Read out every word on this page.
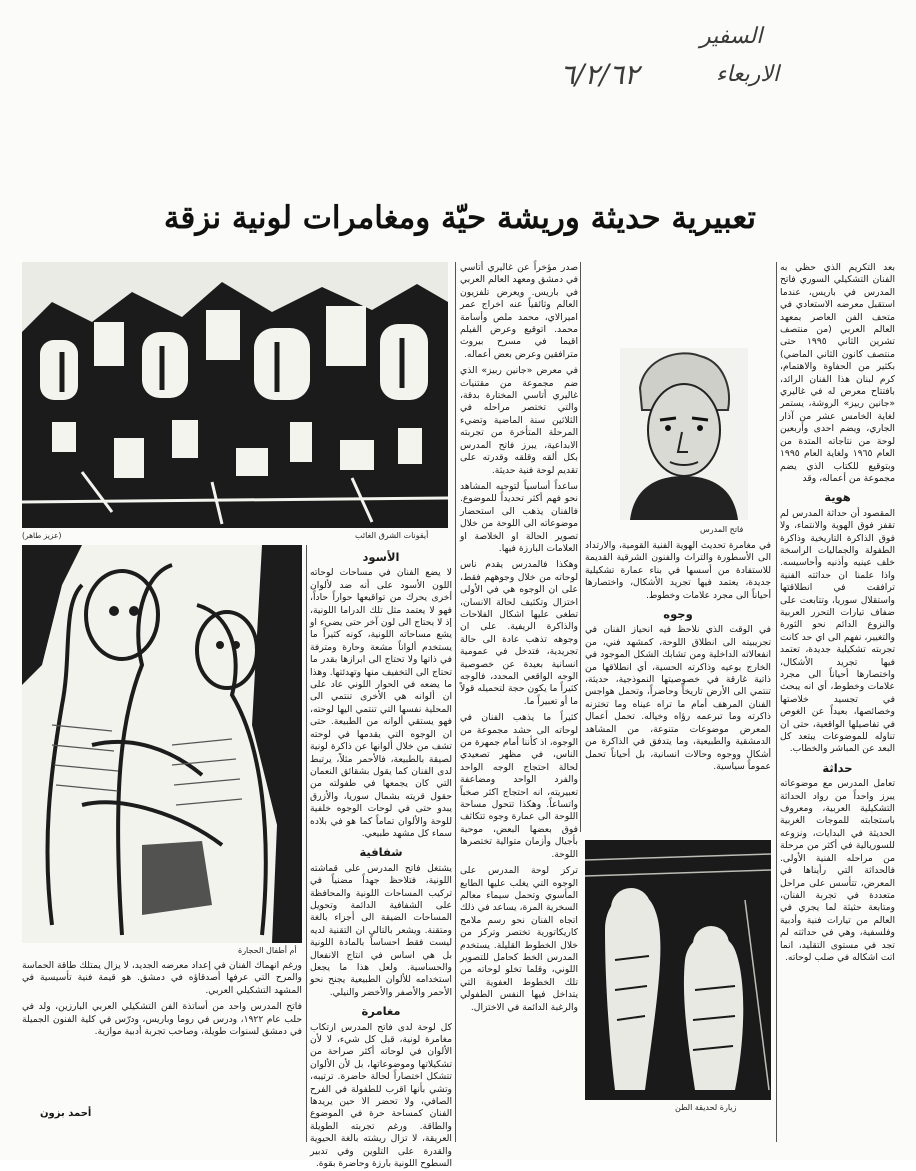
السفير
الاربعاء
٦/٢/٦٢
تعبيرية حديثة وريشة حيّة ومغامرات لونية نزقة
(عزيز طاهر)	أيقونات الشرق الغائب
أم أطفال الحجارة
فاتح المدرس
زيارة لحديقة الطن

بعد التكريم الذي حظي به الفنان التشكيلي السوري فاتح المدرس في باريس، عندما استقبل معرضه الاستعادي في متحف الفن العاصر بمعهد العالم العربي (من منتصف تشرين الثاني ١٩٩٥ حتى منتصف كانون الثاني الماضي) بكثير من الحفاوة والاهتمام، كرم لبنان هذا الفنان الرائد، بافتتاح معرض له في غاليري «جانين ربيز» الروشة، يستمر لغاية الخامس عشر من آذار الجاري، ويضم احدى وأربعين لوحة من نتاجاته المتدة من العام ١٩٦٥ ولغاية العام ١٩٩٥ وبتوقيع للكتاب الذي يضم مجموعة من أعماله، وقد

هوية

المقصود أن حداثة المدرس لم تقفز فوق الهوية والانتماء، ولا فوق الذاكرة التاريخية وذاكرة الطفولة والجماليات الراسخة خلف عينيه وأذنيه وأحاسيسه. واذا علمنا ان حداثته الفنية ترافقت في انطلاقتها واستقلال سوريا، وتتابعت على ضفاف تيارات التحرر العربية والنزوع الدائم نحو الثورة والتغيير، نفهم الى اي حد كانت تجربته تشكيلية جديدة، تعتمد فيها تجريد الأشكال، واختصارها أحياناً الى مجرد علامات وخطوط، أي انه يبحث في تجسيد خلاصتها وخصائصها، بعيداً عن الغوص في تفاصيلها الواقعية، حتى ان تناوله للموضوعات يبتعد كل البعد عن المباشر والخطاب.

حداثة

تعامل المدرس مع موضوعاته يبرز واحداً من رواد الحداثة التشكيلية العربية، ومعروف باستجابته للموجات الغربية الحديثة في البدايات، ونزوعه للسوريالية في أكثر من مرحلة من مراحله الفنية الأولى. فالحداثة التي رأيناها في المعرض، تتأسس على مراحل متعددة في تجربة الفنان، ومتابعة حثيثة لما يجري في العالم من تيارات فنية وأدبية وفلسفية، وهي في حداثته لم تجد في مستوى التقليد، انما اتت اشكاله في صلب لوحاته.

في مغامرة تحديث الهوية الفنية القومية، والارتداد الى الأسطورة والتراث والفنون الشرقية القديمة للاستفادة من أسسها في بناء عمارة تشكيلية جديدة، يعتمد فيها تجريد الأشكال، واختصارها أحياناً الى مجرد علامات وخطوط.

وجوه

في الوقت الذي نلاحظ فيه انحياز الفنان في تجريبيته الى انطلاق اللوحة، كمشهد فني، من انفعالاته الداخلية ومن تشابك الشكل الموجود في الخارج بوعيه وذاكرته الحسية، أي انطلاقها من ذاتية غارقة في خصوصيتها النموذجية، حديثة، تنتمي الى الأرض تاريخاً وحاضراً، وتحمل هواجس الفنان المرهف أمام ما تراه عيناه وما تختزنه ذاكرته وما تبرعمه رؤاه وخياله. تحمل أعمال المعرض موضوعات متنوعة، من المشاهد الدمشقية والطبيعية، وما يتدفق في الذاكرة من أشكال ووجوه وحالات انسانية، بل أحياناً تحمل عموماً سياسية.

صدر مؤخراً عن غاليري أتاسي في دمشق ومعهد العالم العربي في باريس. ويعرض تلفزيون العالم وثائقياً عنه اخراج عمر اميرالاي، محمد ملص وأسامة محمد. اتوقيع وعرض الفيلم اقيما في مسرح بيروت مترافقين وعرض بعض أعماله.

في معرض «جانين ربيز» الذي ضم مجموعة من مقتنيات غاليري أتاسي المختارة بدقة، والتي تختصر مراحله في الثلاثين سنة الماضية وتضيء المرحلة المتأخرة من تجربته الابداعية، يبرز فاتح المدرس بكل ألقه وقلقه وقدرته على تقديم لوحة فنية حديثة.

ساعداً أساسياً لتوجيه المشاهد نحو فهم أكثر تحديداً للموضوع. فالفنان يذهب الى استحضار موضوعاته الى اللوحة من خلال تصوير الحالة او الخلاصة او العلامات البارزة فيها.

وهكذا فالمدرس يقدم ناس لوحاته من خلال وجوههم فقط، على ان الوجوه هي في الأولى اختزال وتكثيف لحالة الانسان، تطغى عليها اشكال الفلاحات والذاكرة الريفية. على ان وجوهه تذهب عادة الى حالة تجريدية، فتدخل في عمومية انسانية بعيدة عن خصوصية الوجه الواقعي المحدد، فالوجه كثيراً ما يكون حجة لتحميله قولاً ما أو تعبيراً ما.

كثيراً ما يذهب الفنان في لوحاته الى حشد مجموعة من الوجوه، اذ كأننا أمام جمهرة من الناس، في مظهر تصعيدي لحالة احتجاج الوجه الواحد والفرد الواحد ومضاعفة تعبيريته، انه احتجاج اكثر صخباً واتساعاً. وهكذا تتحول مساحة اللوحة الى عمارة وجوه تتكاثف فوق بعضها البعض، موحية بأجيال وأزمان متوالية تختصرها اللوحة.

تركز لوحة المدرس على الوجوه التي يغلب عليها الطابع المأسوي وتحمل سيماء معالم السخرية المرة، يساعد في ذلك اتجاه الفنان نحو رسم ملامح كاريكاتورية تختصر وتركز من خلال الخطوط القليلة. يستخدم المدرس الخط كحامل للتصوير اللوني، وقلما تخلو لوحاته من تلك الخطوط العفوية التي يتداخل فيها النفس الطفولي والرغبة الدائمة في الاختزال.

الأسود

لا يضع الفنان في مساحات لوحاته اللون الأسود على أنه ضد لألوان أخرى يحرك من تواقيعها حواراً حاداً، فهو لا يعتمد مثل تلك الدراما اللونية، إذ لا يحتاج الى لون آخر حتى يضيء او يشع مساحاته اللونية، كونه كثيراً ما يستخدم ألواناً مشعة وحارة ومترفة في ذاتها ولا تحتاج الى ابرازها بقدر ما تحتاج الى التخفيف منها وتهدئتها. وهذا ما يضعه في الحوار اللوني عاد على ان ألوانه هي الأخرى تنتمي الى المحلية نفسها التي تنتمي اليها لوحته، فهو يستقي ألوانه من الطبيعة. حتى ان الوجوه التي يقدمها في لوحته تشف من خلال ألوانها عن ذاكرة لونية لصيقة بالطبيعة، فالأحمر مثلاً، يرتبط لدى الفنان كما يقول بشقائق النعمان التي كان يجمعها في طفولته من حقول قريته بشمال سوريا، والأزرق يبدو حتى في لوحات الوجوه خلفية للوحة والألوان تماماً كما هو في بلاده سماء كل مشهد طبيعي.

شفافية

يشتغل فاتح المدرس على قماشته اللونية، فتلاحظ جهداً مضنياً في تركيب المساحات اللونية والمحافظة على الشفافية الدائمة وتحويل المساحات الضيقة الى أجزاء بالغة ومتقنة. ويشعر بالتالي ان التقنية لديه ليست فقط احساساً بالمادة اللونية بل هي اساس في انتاج الانفعال والحساسية. ولعل هذا ما يجعل استخدامه للألوان الطبيعية يجنح نحو الأحمر والأصفر والأخضر والنيلي.

مغامرة

كل لوحة لدى فاتح المدرس ارتكاب مغامرة لونية، قبل كل شيء، لا لأن الألوان في لوحاته أكثر صراحة من تشكيلاتها وموضوعاتها، بل لأن الألوان تتشكل اختصاراً لحالة حاضرة. ترتيبه، وتشي بأنها اقرب للطفولة في الفرح الصافي، ولا تحضر الا حين يريدها الفنان كمساحة حرة في الموضوع والطاقة. ورغم تجربته الطويلة العريقة، لا تزال ريشته بالغة الحيوية والقدرة على التلوين وفي تدبير السطوح اللونية بارزة وحاضرة بقوة.

ورغم انهماك الفنان في إعداد معرضه الجديد، لا يزال يمتلك طاقة الحماسة والمرح التي عرفها أصدقاؤه في دمشق. هو قيمة فنية تأسيسية في المشهد التشكيلي العربي.

فاتح المدرس واحد من أساتذة الفن التشكيلي العربي البارزين، ولد في حلب عام ١٩٢٢، ودرس في روما وباريس، ودرّس في كلية الفنون الجميلة في دمشق لسنوات طويلة، وصاحب تجربة أدبية موازية.

أحمد بزون
